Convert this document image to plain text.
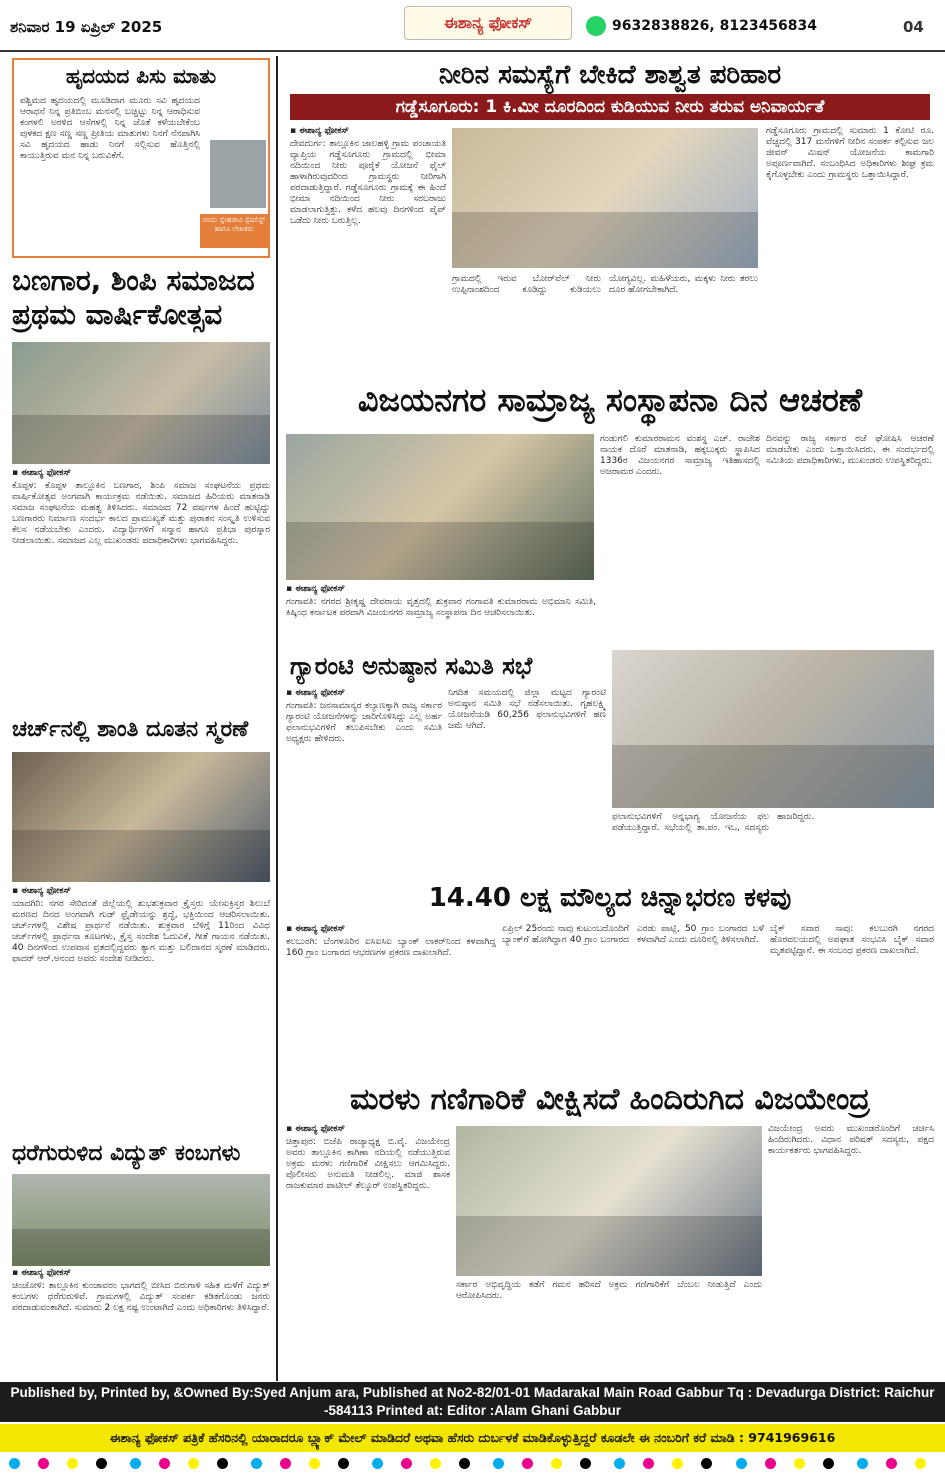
ಶನಿವಾರ 19 ಏಪ್ರಿಲ್ 2025	ಈಶಾನ್ಯ ಫೋಕಸ್	9632838826, 8123456834	04
ಹೃದಯದ ಪಿಸು ಮಾತು
ಪಶ್ಚಿಮದ ಹೃದಯದಲ್ಲಿ ಮೂಡಿದಾಗ ಮೂರು ಸವಿ ಹೃದಯದ ಆರಾಧನೆ ನಿನ್ನ ಪ್ರತಿಬಿಂಬ ಮನಸಲ್ಲಿ ಬಚ್ಚಿಟ್ಟು ನಿನ್ನ ಆರಾಧಿಸುವ ಕಂಗಳಲಿ ಅರಳಿದ ಆಸೆಗಳಲ್ಲಿ ನಿನ್ನ ಜೊತೆ ಕಳೆಯಬೇಕೆಂಬ ಪುಳಕದ ಕ್ಷಣ ಸಣ್ಣ ಸಣ್ಣ ಪ್ರೀತಿಯ ಮಾತುಗಳು ನಿನಗೆ ನೆನಪಾಗಿಸಿ ಸವಿ ಹೃದಯದ ಹಾಡು ನಿನಗೆ ಸಲ್ಲಿಸುವ ಹೊತ್ತಿನಲ್ಲಿ ಕಾಯುತ್ತಿರುವ ಮನ ನಿನ್ನ ಬರುವಿಕೆಗೆ.
ಚಂದು ಸ್ನೇಹಜೀವಿ ಸ್ಪೆಷಲಿಸ್ಟ್ ಹಾಗೂ ಲೇಖಕರು
ಬಣಗಾರ, ಶಿಂಪಿ ಸಮಾಜದ ಪ್ರಥಮ ವಾರ್ಷಿಕೋತ್ಸವ
▪ ಈಶಾನ್ಯ ಫೋಕಸ್
ಕೊಪ್ಪಳ: ಕೊಪ್ಪಳ ತಾಲ್ಲೂಕಿನ ಬಣಗಾರ, ಶಿಂಪಿ ಸಮಾಜ ಸಂಘಟನೆಯ ಪ್ರಥಮ ವಾರ್ಷಿಕೋತ್ಸವ ಅಂಗವಾಗಿ ಕಾರ್ಯಕ್ರಮ ನಡೆಯಿತು. ಸಮಾಜದ ಹಿರಿಯರು ಮಾತನಾಡಿ ಸಮಾಜ ಸಂಘಟನೆಯ ಮಹತ್ವ ತಿಳಿಸಿದರು. ಸಮಾಜದ 72 ವರ್ಷಗಳ ಹಿಂದೆ ಹುಟ್ಟಿದ್ದು ಬಣಗಾರರು ನಿರ್ಮಾಣ ಸಂದರ್ಭ ಕಾಲದ ಪ್ರಾಮುಖ್ಯತೆ ಮತ್ತು ಪುರಾತನ ಸಂಸ್ಕೃತಿ ಉಳಿಸುವ ಕೆಲಸ ನಡೆಯಬೇಕು ಎಂದರು. ವಿದ್ಯಾರ್ಥಿಗಳಿಗೆ ಸನ್ಮಾನ ಹಾಗೂ ಪ್ರತಿಭಾ ಪುರಸ್ಕಾರ ನೀಡಲಾಯಿತು. ಸಮಾಜದ ಎಲ್ಲ ಮುಖಂಡರು ಪದಾಧಿಕಾರಿಗಳು ಭಾಗವಹಿಸಿದ್ದರು.
ಚರ್ಚ್‌ನಲ್ಲಿ ಶಾಂತಿ ದೂತನ ಸ್ಮರಣೆ
▪ ಈಶಾನ್ಯ ಫೋಕಸ್
ಯಾದಗಿರಿ: ನಗರ ಸೇರಿದಂತೆ ಜಿಲ್ಲೆಯಲ್ಲಿ ಶುಭಶುಕ್ರವಾರ ಕ್ರೈಸ್ತರು ಯೇಸುಕ್ರಿಸ್ತರ ಶಿಲುಬೆ ಮರಣದ ದಿನದ ಅಂಗವಾಗಿ ಗುಡ್ ಫ್ರೈಡೇಯನ್ನು ಶ್ರದ್ಧೆ, ಭಕ್ತಿಯಿಂದ ಆಚರಿಸಲಾಯಿತು. ಚರ್ಚ್‌ಗಳಲ್ಲಿ ವಿಶೇಷ ಪ್ರಾರ್ಥನೆ ನಡೆಯಿತು. ಶುಕ್ರವಾರ ಬೆಳಿಗ್ಗೆ 11ರಿಂದ ವಿವಿಧ ಚರ್ಚ್‌ಗಳಲ್ಲಿ ಪ್ರಾರ್ಥನಾ ಕೂಟಗಳು, ಕ್ರೈಸ್ತ ಸಂದೇಶ ಓದುವಿಕೆ, ಗೀತೆ ಗಾಯನ ನಡೆಯಿತು. 40 ದಿನಗಳಿಂದ ಉಪವಾಸ ವ್ರತದಲ್ಲಿದ್ದವರು ತ್ಯಾಗ ಮತ್ತು ಬಲಿದಾನದ ಸ್ಮರಣೆ ಮಾಡಿದರು. ಫಾದರ್ ಆರ್.ಆನಂದ ಅವರು ಸಂದೇಶ ನೀಡಿದರು.
ಧರೆಗುರುಳಿದ ವಿದ್ಯುತ್ ಕಂಬಗಳು
▪ ಈಶಾನ್ಯ ಫೋಕಸ್
ಚಿಂಚೋಳಿ: ತಾಲ್ಲೂಕಿನ ಕುಂಚಾವರಂ ಭಾಗದಲ್ಲಿ ಬೀಸಿದ ಬಿರುಗಾಳಿ ಸಹಿತ ಮಳೆಗೆ ವಿದ್ಯುತ್ ಕಂಬಗಳು ಧರೆಗುರುಳಿವೆ. ಗ್ರಾಮಗಳಲ್ಲಿ ವಿದ್ಯುತ್ ಸಂಪರ್ಕ ಕಡಿತಗೊಂಡು ಜನರು ಪರದಾಡುವಂತಾಗಿದೆ. ಸುಮಾರು 2 ಲಕ್ಷ ನಷ್ಟ ಉಂಟಾಗಿದೆ ಎಂದು ಅಧಿಕಾರಿಗಳು ತಿಳಿಸಿದ್ದಾರೆ.
ನೀರಿನ ಸಮಸ್ಯೆಗೆ ಬೇಕಿದೆ ಶಾಶ್ವತ ಪರಿಹಾರ
ಗಡ್ಡೆಸೂಗೂರು: 1 ಕಿ.ಮೀ ದೂರದಿಂದ ಕುಡಿಯುವ ನೀರು ತರುವ ಅನಿವಾರ್ಯತೆ
▪ ಈಶಾನ್ಯ ಫೋಕಸ್
ದೇವದುರ್ಗ: ತಾಲ್ಲೂಕಿನ ಜಾಲಹಳ್ಳಿ ಗ್ರಾಮ ಪಂಚಾಯತಿ ವ್ಯಾಪ್ತಿಯ ಗಡ್ಡೆಸೂಗೂರು ಗ್ರಾಮದಲ್ಲಿ ಭೀಮಾ ನದಿಯಿಂದ ನೀರು ಪೂರೈಕೆ ಯೋಜನೆ ಫೈಲ್ ಹಾಳಾಗಿರುವುದರಿಂದ ಗ್ರಾಮಸ್ಥರು ನೀರಿಗಾಗಿ ಪರದಾಡುತ್ತಿದ್ದಾರೆ. ಗಡ್ಡೆಸೂಗೂರು ಗ್ರಾಮಕ್ಕೆ ಈ ಹಿಂದೆ ಭೀಮಾ ನದಿಯಿಂದ ನೀರು ಸರಬರಾಜು ಮಾಡಲಾಗುತ್ತಿತ್ತು. ಕಳೆದ ಹಲವು ದಿನಗಳಿಂದ ಪೈಪ್ ಒಡೆದು ನೀರು ಬರುತ್ತಿಲ್ಲ.
ಗ್ರಾಮದಲ್ಲಿ ಇರುವ ಬೋರ್‌ವೆಲ್ ನೀರು ಉಪ್ಪಿನಾಂಶದಿಂದ ಕೂಡಿದ್ದು ಕುಡಿಯಲು ಯೋಗ್ಯವಿಲ್ಲ. ಮಹಿಳೆಯರು, ಮಕ್ಕಳು ನೀರು ತರಲು ದೂರ ಹೋಗಬೇಕಾಗಿದೆ.
ಗಡ್ಡೆಸೂಗೂರು ಗ್ರಾಮದಲ್ಲಿ ಸುಮಾರು 1 ಕೋಟಿ ರೂ. ವೆಚ್ಚದಲ್ಲಿ 317 ಮನೆಗಳಿಗೆ ನೀರಿನ ಸಂಪರ್ಕ ಕಲ್ಪಿಸುವ ಜಲ ಜೀವನ್ ಮಿಷನ್ ಯೋಜನೆಯ ಕಾಮಗಾರಿ ಅಪೂರ್ಣವಾಗಿದೆ. ಸಂಬಂಧಿಸಿದ ಅಧಿಕಾರಿಗಳು ಶೀಘ್ರ ಕ್ರಮ ಕೈಗೊಳ್ಳಬೇಕು ಎಂದು ಗ್ರಾಮಸ್ಥರು ಒತ್ತಾಯಿಸಿದ್ದಾರೆ.
ವಿಜಯನಗರ ಸಾಮ್ರಾಜ್ಯ ಸಂಸ್ಥಾಪನಾ ದಿನ ಆಚರಣೆ
▪ ಈಶಾನ್ಯ ಫೋಕಸ್
ಗಂಗಾವತಿ: ನಗರದ ಶ್ರೀಕೃಷ್ಣ ದೇವರಾಯ ವೃತ್ತದಲ್ಲಿ ಶುಕ್ರವಾರ ಗಂಗಾವತಿ ಕುಮಾರರಾಮ ಅಭಿಮಾನಿ ಸಮಿತಿ, ಕಿಷ್ಕಿಂಧ ಕರ್ನಾಟಕ ಪರವಾಗಿ ವಿಜಯನಗರ ಸಾಮ್ರಾಜ್ಯ ಸಂಸ್ಥಾಪನಾ ದಿನ ಆಚರಿಸಲಾಯಿತು.
ಗಂಡುಗಲಿ ಕುಮಾರರಾಮನ ವಂಶಸ್ಥ ಎಚ್. ರಾಜೇಶ ನಾಯಕ ದೊರೆ ಮಾತನಾಡಿ, ಹಕ್ಕಬುಕ್ಕರು ಸ್ಥಾಪಿಸಿದ 1336ರ ವಿಜಯನಗರ ಸಾಮ್ರಾಜ್ಯ ಇತಿಹಾಸದಲ್ಲಿ ಅಜರಾಮರ ಎಂದರು.
ದಿನವನ್ನು ರಾಜ್ಯ ಸರ್ಕಾರ ರಜೆ ಘೋಷಿಸಿ ಆಚರಣೆ ಮಾಡಬೇಕು ಎಂದು ಒತ್ತಾಯಿಸಿದರು. ಈ ಸಂದರ್ಭದಲ್ಲಿ ಸಮಿತಿಯ ಪದಾಧಿಕಾರಿಗಳು, ಮುಖಂಡರು ಉಪಸ್ಥಿತರಿದ್ದರು.
ಗ್ಯಾರಂಟಿ ಅನುಷ್ಠಾನ ಸಮಿತಿ ಸಭೆ
▪ ಈಶಾನ್ಯ ಫೋಕಸ್
ಗಂಗಾವತಿ: ಜನಸಾಮಾನ್ಯರ ಕಲ್ಯಾಣಕ್ಕಾಗಿ ರಾಜ್ಯ ಸರ್ಕಾರ ಗ್ಯಾರಂಟಿ ಯೋಜನೆಗಳನ್ನು ಜಾರಿಗೊಳಿಸಿದ್ದು ಎಲ್ಲ ಅರ್ಹ ಫಲಾನುಭವಿಗಳಿಗೆ ತಲುಪಿಸಬೇಕು ಎಂದು ಸಮಿತಿ ಅಧ್ಯಕ್ಷರು ಹೇಳಿದರು.
ನಿಗದಿತ ಸಮಯದಲ್ಲಿ ಜಿಲ್ಲಾ ಮಟ್ಟದ ಗ್ಯಾರಂಟಿ ಅನುಷ್ಠಾನ ಸಮಿತಿ ಸಭೆ ನಡೆಸಲಾಯಿತು. ಗೃಹಲಕ್ಷ್ಮಿ ಯೋಜನೆಯಡಿ 60,256 ಫಲಾನುಭವಿಗಳಿಗೆ ಹಣ ಜಮೆ ಆಗಿದೆ.
ಫಲಾನುಭವಿಗಳಿಗೆ ಅನ್ನಭಾಗ್ಯ ಯೋಜನೆಯ ಫಲ ಪಡೆಯುತ್ತಿದ್ದಾರೆ. ಸಭೆಯಲ್ಲಿ ತಾ.ಪಂ. ಇಒ, ಸದಸ್ಯರು ಹಾಜರಿದ್ದರು.
14.40 ಲಕ್ಷ ಮೌಲ್ಯದ ಚಿನ್ನಾಭರಣ ಕಳವು
▪ ಈಶಾನ್ಯ ಫೋಕಸ್
ಕಲಬುರಗಿ: ಬೆಂಗಳೂರಿನ ಐಸಿಐಸಿಐ ಬ್ಯಾಂಕ್ ಲಾಕರ್‌ನಿಂದ ಕಳವಾಗಿದ್ದ 160 ಗ್ರಾಂ ಬಂಗಾರದ ಆಭರಣಗಳ ಪ್ರಕರಣ ದಾಖಲಾಗಿದೆ.
ಏಪ್ರಿಲ್ 25ರಂದು ನಾವು ಕುಟುಂಬದೊಂದಿಗೆ ಬ್ಯಾಂಕ್‌ಗೆ ಹೋಗಿದ್ದಾಗ 40 ಗ್ರಾಂ ಬಂಗಾರದ ಎರಡು ಪಾಟ್ಲಿ, 50 ಗ್ರಾಂ ಬಂಗಾರದ ಬಳೆ ಕಳವಾಗಿದೆ ಎಂದು ದೂರಿನಲ್ಲಿ ತಿಳಿಸಲಾಗಿದೆ.
ಬೈಕ್ ಸವಾರ ಸಾವು: ಕಲಬುರಗಿ ನಗರದ ಹೊರವಲಯದಲ್ಲಿ ಅಪಘಾತ ಸಂಭವಿಸಿ ಬೈಕ್ ಸವಾರ ಮೃತಪಟ್ಟಿದ್ದಾನೆ. ಈ ಸಂಬಂಧ ಪ್ರಕರಣ ದಾಖಲಾಗಿದೆ.
ಮರಳು ಗಣಿಗಾರಿಕೆ ವೀಕ್ಷಿಸದೆ ಹಿಂದಿರುಗಿದ ವಿಜಯೇಂದ್ರ
▪ ಈಶಾನ್ಯ ಫೋಕಸ್
ಚಿತ್ತಾಪುರ: ಬಿಜೆಪಿ ರಾಜ್ಯಾಧ್ಯಕ್ಷ ಬಿ.ವೈ. ವಿಜಯೇಂದ್ರ ಅವರು ತಾಲ್ಲೂಕಿನ ಕಾಗಿಣಾ ನದಿಯಲ್ಲಿ ನಡೆಯುತ್ತಿರುವ ಅಕ್ರಮ ಮರಳು ಗಣಿಗಾರಿಕೆ ವೀಕ್ಷಿಸಲು ಆಗಮಿಸಿದ್ದರು. ಪೊಲೀಸರು ಅನುಮತಿ ನೀಡಲಿಲ್ಲ. ಮಾಜಿ ಶಾಸಕ ರಾಜಕುಮಾರ ಪಾಟೀಲ್ ತೆಲ್ಕೂರ್ ಉಪಸ್ಥಿತರಿದ್ದರು.
ಸರ್ಕಾರ ಅಭಿವೃದ್ಧಿಯ ಕಡೆಗೆ ಗಮನ ಹರಿಸದೆ ಅಕ್ರಮ ಗಣಿಗಾರಿಕೆಗೆ ಬೆಂಬಲ ನೀಡುತ್ತಿದೆ ಎಂದು ಆರೋಪಿಸಿದರು.
ವಿಜಯೇಂದ್ರ ಅವರು ಮುಖಂಡರೊಂದಿಗೆ ಚರ್ಚಿಸಿ ಹಿಂದಿರುಗಿದರು. ವಿಧಾನ ಪರಿಷತ್ ಸದಸ್ಯರು, ಪಕ್ಷದ ಕಾರ್ಯಕರ್ತರು ಭಾಗವಹಿಸಿದ್ದರು.
Published by, Printed by, &Owned By:Syed Anjum ara, Published at No2-82/01-01 Madarakal Main Road Gabbur Tq : Devadurga District: Raichur -584113 Printed at: Editor :Alam Ghani Gabbur
ಈಶಾನ್ಯ ಫೋಕಸ್ ಪತ್ರಿಕೆ ಹೆಸರಿನಲ್ಲಿ ಯಾರಾದರೂ ಬ್ಲ್ಯಾಕ್ ಮೇಲ್ ಮಾಡಿದರೆ ಅಥವಾ ಹೆಸರು ದುರ್ಬಳಕೆ ಮಾಡಿಕೊಳ್ಳುತ್ತಿದ್ದರೆ ಕೂಡಲೇ ಈ ನಂಬರಿಗೆ ಕರೆ ಮಾಡಿ : 9741969616
